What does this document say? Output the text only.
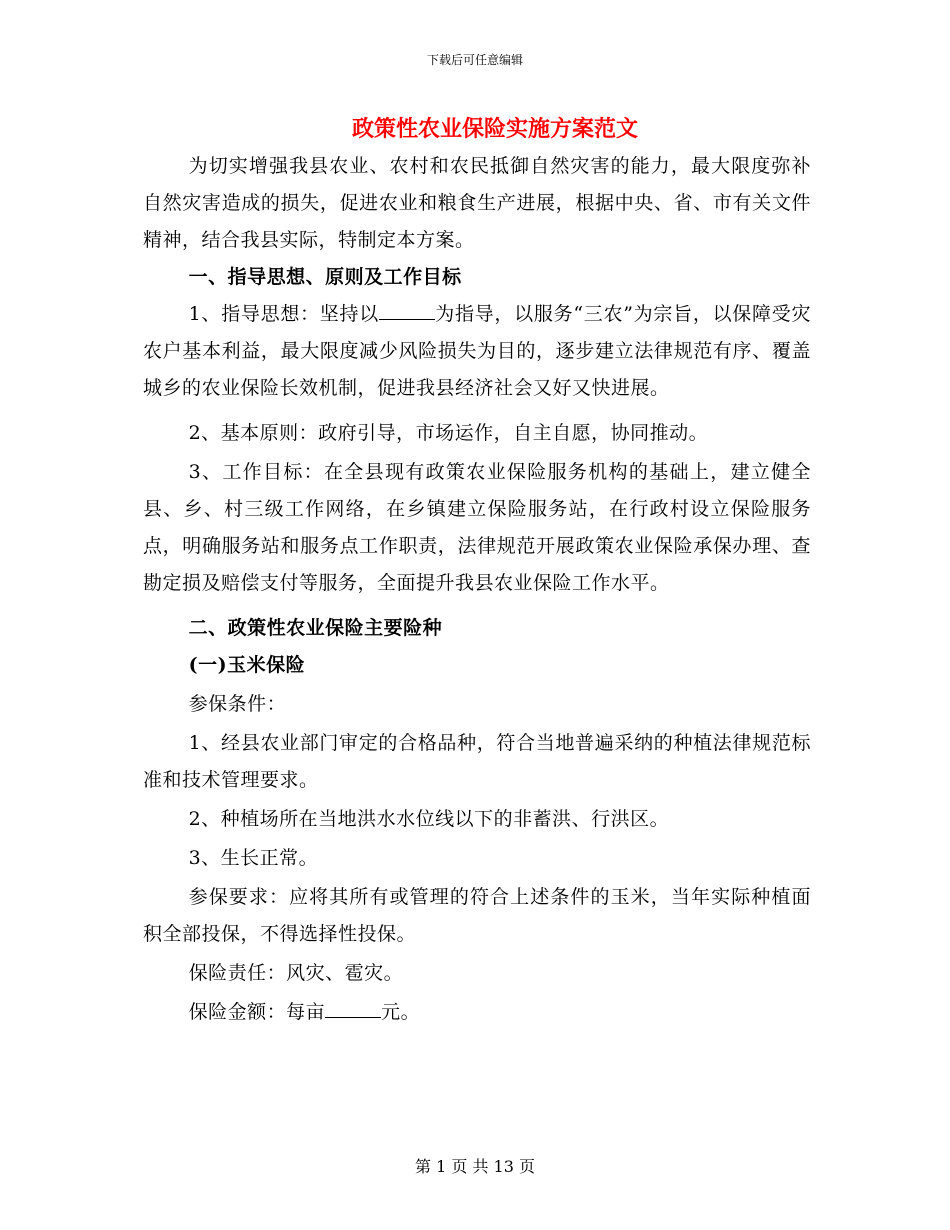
下载后可任意编辑
政策性农业保险实施方案范文

为切实增强我县农业、农村和农民抵御自然灾害的能力，最大限度弥补自然灾害造成的损失，促进农业和粮食生产进展，根据中央、省、市有关文件精神，结合我县实际，特制定本方案。

一、指导思想、原则及工作目标

1、指导思想：坚持以	为指导，以服务“三农”为宗旨，以保障受灾农户基本利益，最大限度减少风险损失为目的，逐步建立法律规范有序、覆盖城乡的农业保险长效机制，促进我县经济社会又好又快进展。

2、基本原则：政府引导，市场运作，自主自愿，协同推动。

3、工作目标：在全县现有政策农业保险服务机构的基础上，建立健全县、乡、村三级工作网络，在乡镇建立保险服务站，在行政村设立保险服务点，明确服务站和服务点工作职责，法律规范开展政策农业保险承保办理、查勘定损及赔偿支付等服务，全面提升我县农业保险工作水平。

二、政策性农业保险主要险种

(一)玉米保险

参保条件：

1、经县农业部门审定的合格品种，符合当地普遍采纳的种植法律规范标准和技术管理要求。

2、种植场所在当地洪水水位线以下的非蓄洪、行洪区。

3、生长正常。

参保要求：应将其所有或管理的符合上述条件的玉米，当年实际种植面积全部投保，不得选择性投保。

保险责任：风灾、雹灾。

保险金额：每亩	元。

第 1 页 共 13 页
